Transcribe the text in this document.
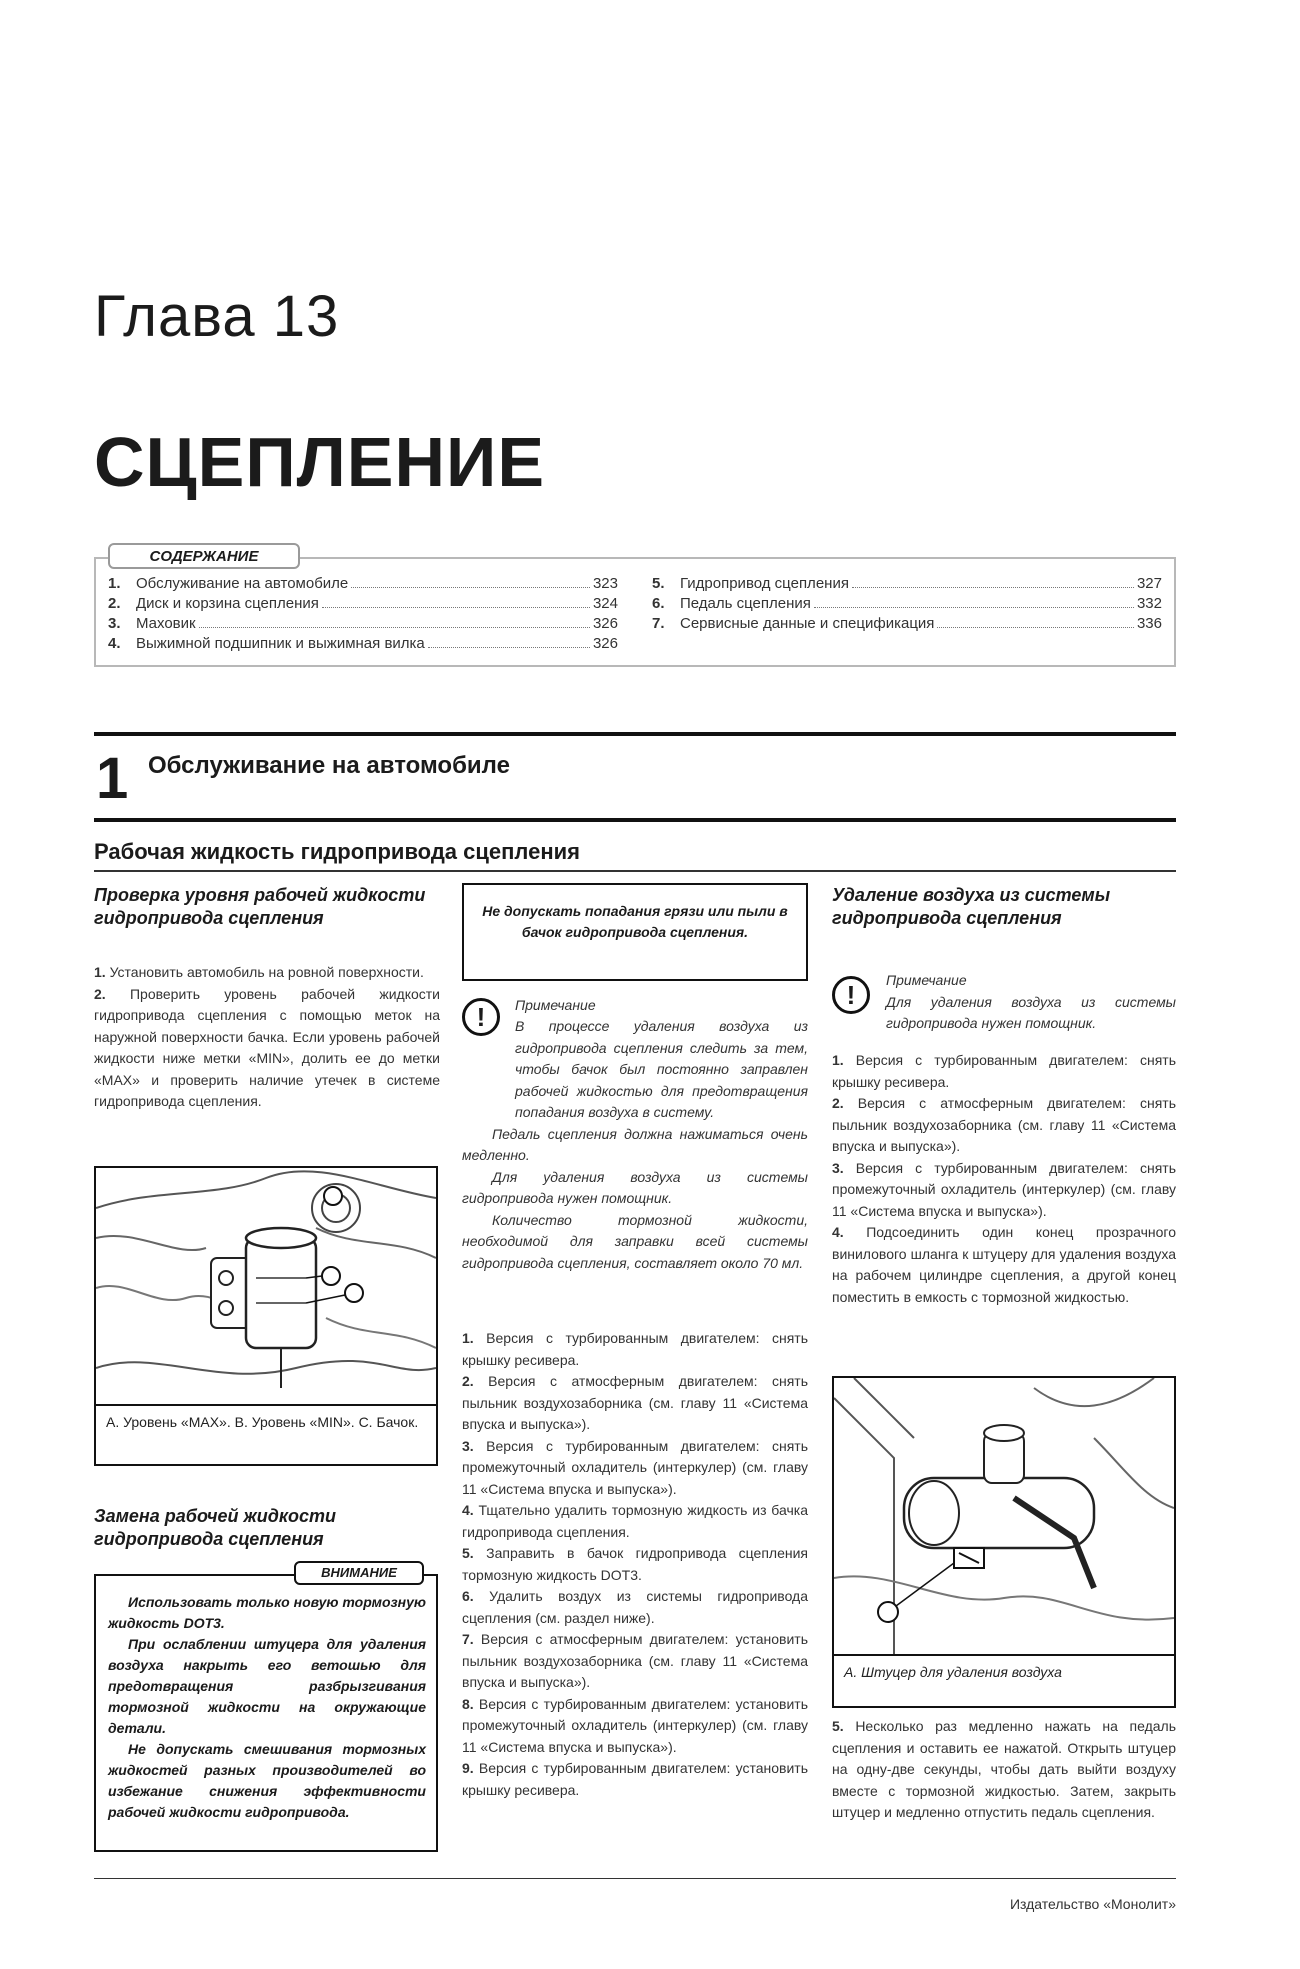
Глава 13
СЦЕПЛЕНИЕ
СОДЕРЖАНИЕ
1.	Обслуживание на автомобиле	323
2.	Диск и корзина сцепления	324
3.	Маховик	326
4.	Выжимной подшипник и выжимная вилка	326
5.	Гидропривод сцепления	327
6.	Педаль сцепления	332
7.	Сервисные данные и спецификация	336
1 Обслуживание на автомобиле
Рабочая жидкость гидропривода сцепления
Проверка уровня рабочей жидкости гидропривода сцепления
1. Установить автомобиль на ровной поверхности.
2. Проверить уровень рабочей жидкости гидропривода сцепления с помощью меток на наружной поверхности бачка. Если уровень рабочей жидкости ниже метки «MIN», долить ее до метки «MAX» и проверить наличие утечек в системе гидропривода сцепления.
A. Уровень «MAX». B. Уровень «MIN». C. Бачок.
Замена рабочей жидкости гидропривода сцепления
ВНИМАНИЕ
Использовать только новую тормозную жидкость DOT3.
При ослаблении штуцера для удаления воздуха накрыть его ветошью для предотвращения разбрызгивания тормозной жидкости на окружающие детали.
Не допускать смешивания тормозных жидкостей разных производителей во избежание снижения эффективности рабочей жидкости гидропривода.
Не допускать попадания грязи или пыли в бачок гидропривода сцепления.
!	Примечание
В процессе удаления воздуха из гидропривода сцепления следить за тем, чтобы бачок был постоянно заправлен рабочей жидкостью для предотвращения попадания воздуха в систему.
Педаль сцепления должна нажиматься очень медленно.
Для удаления воздуха из системы гидропривода нужен помощник.
Количество тормозной жидкости, необходимой для заправки всей системы гидропривода сцепления, составляет около 70 мл.
1. Версия с турбированным двигателем: снять крышку ресивера.
2. Версия с атмосферным двигателем: снять пыльник воздухозаборника (см. главу 11 «Система впуска и выпуска»).
3. Версия с турбированным двигателем: снять промежуточный охладитель (интеркулер) (см. главу 11 «Система впуска и выпуска»).
4. Тщательно удалить тормозную жидкость из бачка гидропривода сцепления.
5. Заправить в бачок гидропривода сцепления тормозную жидкость DOT3.
6. Удалить воздух из системы гидропривода сцепления (см. раздел ниже).
7. Версия с атмосферным двигателем: установить пыльник воздухозаборника (см. главу 11 «Система впуска и выпуска»).
8. Версия с турбированным двигателем: установить промежуточный охладитель (интеркулер) (см. главу 11 «Система впуска и выпуска»).
9. Версия с турбированным двигателем: установить крышку ресивера.
Удаление воздуха из системы гидропривода сцепления
!	Примечание
Для удаления воздуха из системы гидропривода нужен помощник.
1. Версия с турбированным двигателем: снять крышку ресивера.
2. Версия с атмосферным двигателем: снять пыльник воздухозаборника (см. главу 11 «Система впуска и выпуска»).
3. Версия с турбированным двигателем: снять промежуточный охладитель (интеркулер) (см. главу 11 «Система впуска и выпуска»).
4. Подсоединить один конец прозрачного винилового шланга к штуцеру для удаления воздуха на рабочем цилиндре сцепления, а другой конец поместить в емкость с тормозной жидкостью.
A. Штуцер для удаления воздуха
5. Несколько раз медленно нажать на педаль сцепления и оставить ее нажатой. Открыть штуцер на одну-две секунды, чтобы дать выйти воздуху вместе с тормозной жидкостью. Затем, закрыть штуцер и медленно отпустить педаль сцепления.
Издательство «Монолит»
